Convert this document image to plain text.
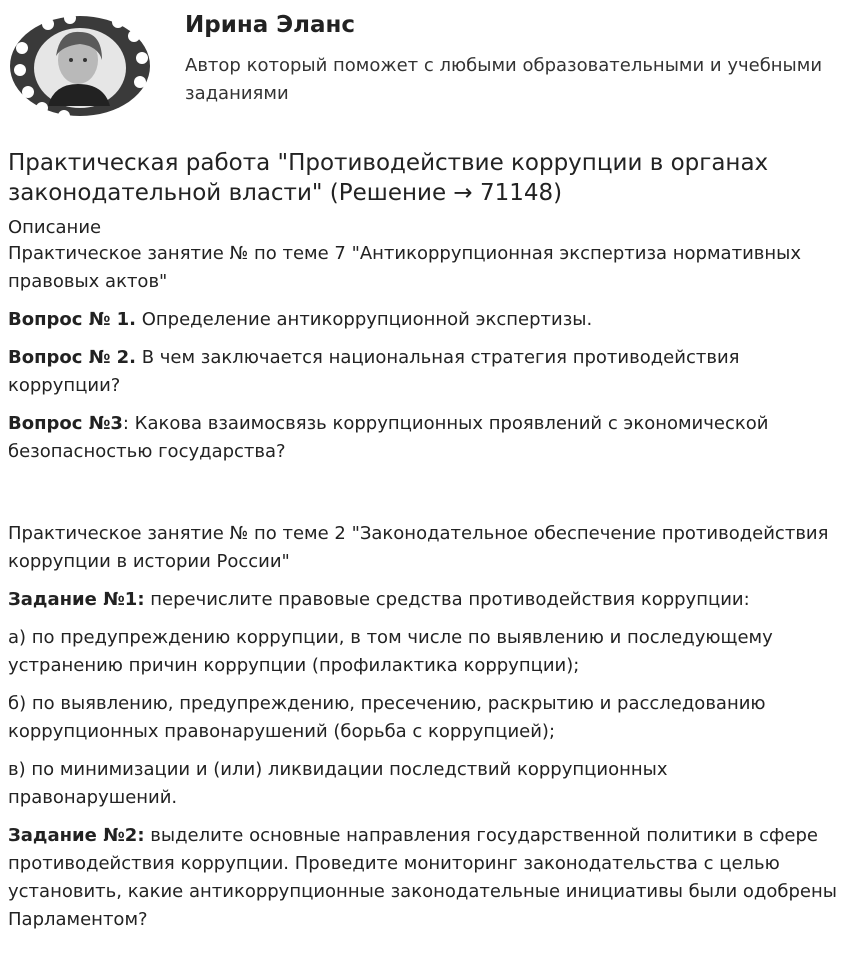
Ирина Эланс

Автор который поможет с любыми образовательными и учебными заданиями

Практическая работа "Противодействие коррупции в органах законодательной власти" (Решение → 71148)
Описание

Практическое занятие № по теме 7 "Антикоррупционная экспертиза нормативных правовых актов"

Вопрос № 1. Определение антикоррупционной экспертизы.

Вопрос № 2. В чем заключается национальная стратегия противодействия коррупции?

Вопрос №3: Какова взаимосвязь коррупционных проявлений с экономической безопасностью государства?

Практическое занятие № по теме 2 "Законодательное обеспечение противодействия коррупции в истории России"

Задание №1: перечислите правовые средства противодействия коррупции:

а) по предупреждению коррупции, в том числе по выявлению и последующему устранению причин коррупции (профилактика коррупции);

б) по выявлению, предупреждению, пресечению, раскрытию и расследованию коррупционных правонарушений (борьба с коррупцией);

в) по минимизации и (или) ликвидации последствий коррупционных правонарушений.

Задание №2: выделите основные направления государственной политики в сфере противодействия коррупции. Проведите мониторинг законодательства с целью установить, какие антикоррупционные законодательные инициативы были одобрены Парламентом?
